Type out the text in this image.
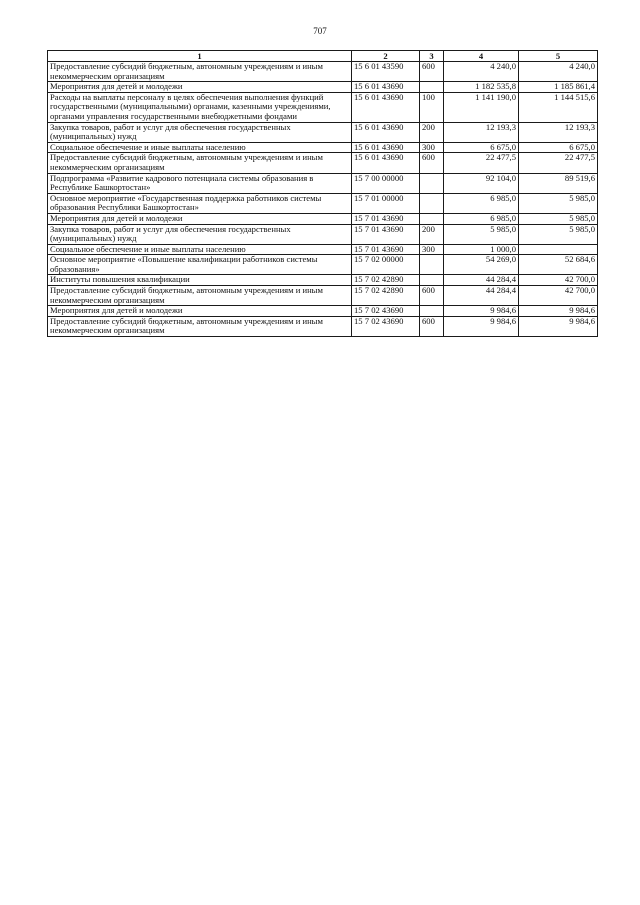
707
1	2	3	4	5
Предоставление субсидий бюджетным, автономным учреждениям и иным некоммерческим организациям	15 6 01 43590	600	4 240,0	4 240,0
Мероприятия для детей и молодежи	15 6 01 43690		1 182 535,8	1 185 861,4
Расходы на выплаты персоналу в целях обеспечения выполнения функций государственными (муниципальными) органами, казенными учреждениями, органами управления государственными внебюджетными фондами	15 6 01 43690	100	1 141 190,0	1 144 515,6
Закупка товаров, работ и услуг для обеспечения государственных (муниципальных) нужд	15 6 01 43690	200	12 193,3	12 193,3
Социальное обеспечение и иные выплаты населению	15 6 01 43690	300	6 675,0	6 675,0
Предоставление субсидий бюджетным, автономным учреждениям и иным некоммерческим организациям	15 6 01 43690	600	22 477,5	22 477,5
Подпрограмма «Развитие кадрового потенциала системы образования в Республике Башкортостан»	15 7 00 00000		92 104,0	89 519,6
Основное мероприятие «Государственная поддержка работников системы образования Республики Башкортостан»	15 7 01 00000		6 985,0	5 985,0
Мероприятия для детей и молодежи	15 7 01 43690		6 985,0	5 985,0
Закупка товаров, работ и услуг для обеспечения государственных (муниципальных) нужд	15 7 01 43690	200	5 985,0	5 985,0
Социальное обеспечение и иные выплаты населению	15 7 01 43690	300	1 000,0	
Основное мероприятие «Повышение квалификации работников системы образования»	15 7 02 00000		54 269,0	52 684,6
Институты повышения квалификации	15 7 02 42890		44 284,4	42 700,0
Предоставление субсидий бюджетным, автономным учреждениям и иным некоммерческим организациям	15 7 02 42890	600	44 284,4	42 700,0
Мероприятия для детей и молодежи	15 7 02 43690		9 984,6	9 984,6
Предоставление субсидий бюджетным, автономным учреждениям и иным некоммерческим организациям	15 7 02 43690	600	9 984,6	9 984,6
